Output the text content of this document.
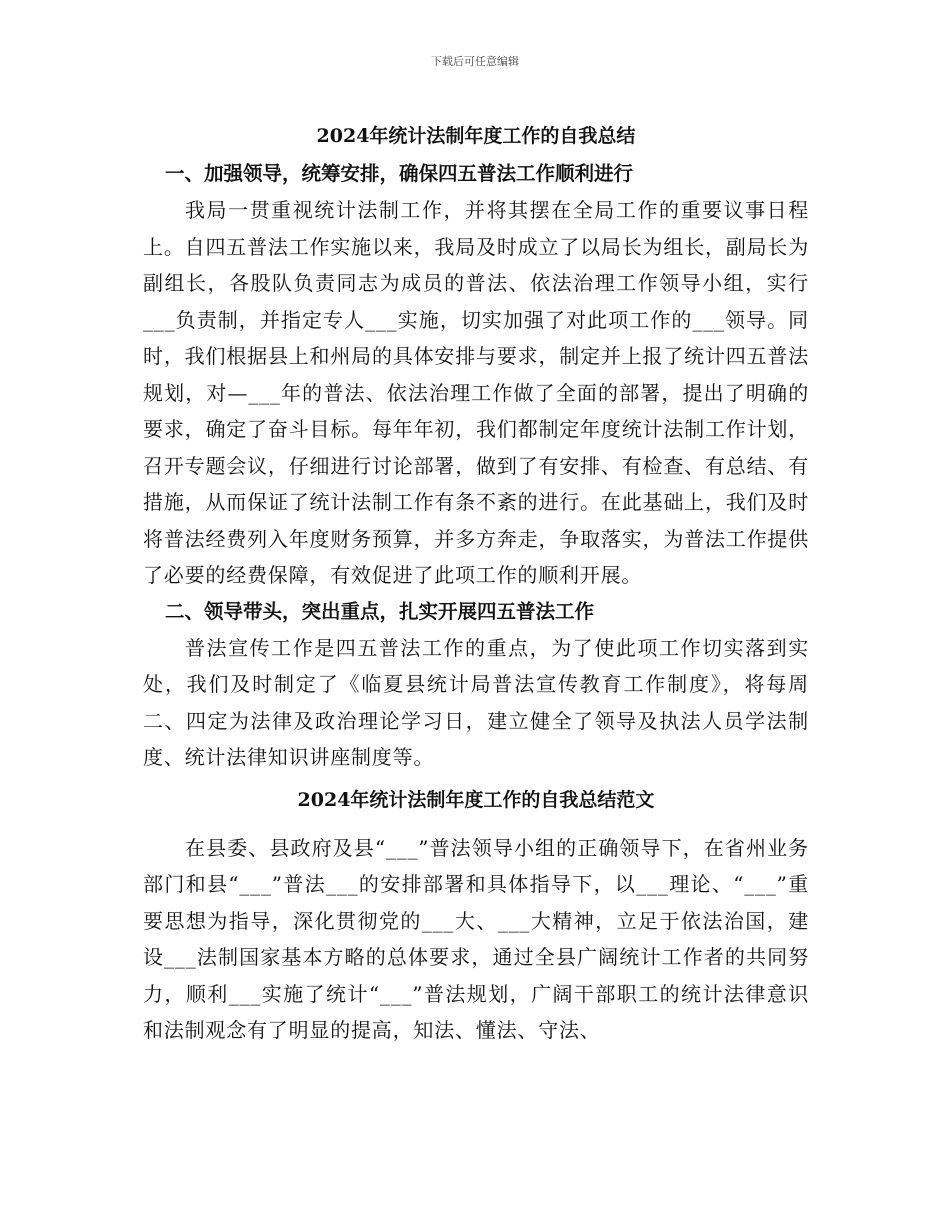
下载后可任意编辑
2024年统计法制年度工作的自我总结
一、加强领导，统筹安排，确保四五普法工作顺利进行

我局一贯重视统计法制工作，并将其摆在全局工作的重要议事日程上。自四五普法工作实施以来，我局及时成立了以局长为组长，副局长为副组长，各股队负责同志为成员的普法、依法治理工作领导小组，实行___负责制，并指定专人___实施，切实加强了对此项工作的___领导。同时，我们根据县上和州局的具体安排与要求，制定并上报了统计四五普法规划，对—___年的普法、依法治理工作做了全面的部署，提出了明确的要求，确定了奋斗目标。每年年初，我们都制定年度统计法制工作计划，召开专题会议，仔细进行讨论部署，做到了有安排、有检查、有总结、有措施，从而保证了统计法制工作有条不紊的进行。在此基础上，我们及时将普法经费列入年度财务预算，并多方奔走，争取落实，为普法工作提供了必要的经费保障，有效促进了此项工作的顺利开展。

二、领导带头，突出重点，扎实开展四五普法工作

普法宣传工作是四五普法工作的重点，为了使此项工作切实落到实处，我们及时制定了《临夏县统计局普法宣传教育工作制度》，将每周二、四定为法律及政治理论学习日，建立健全了领导及执法人员学法制度、统计法律知识讲座制度等。

2024年统计法制年度工作的自我总结范文

在县委、县政府及县“___”普法领导小组的正确领导下，在省州业务部门和县“___”普法___的安排部署和具体指导下，以___理论、“___”重要思想为指导，深化贯彻党的___大、___大精神，立足于依法治国，建设___法制国家基本方略的总体要求，通过全县广阔统计工作者的共同努力，顺利___实施了统计“___”普法规划，广阔干部职工的统计法律意识和法制观念有了明显的提高，知法、懂法、守法、
